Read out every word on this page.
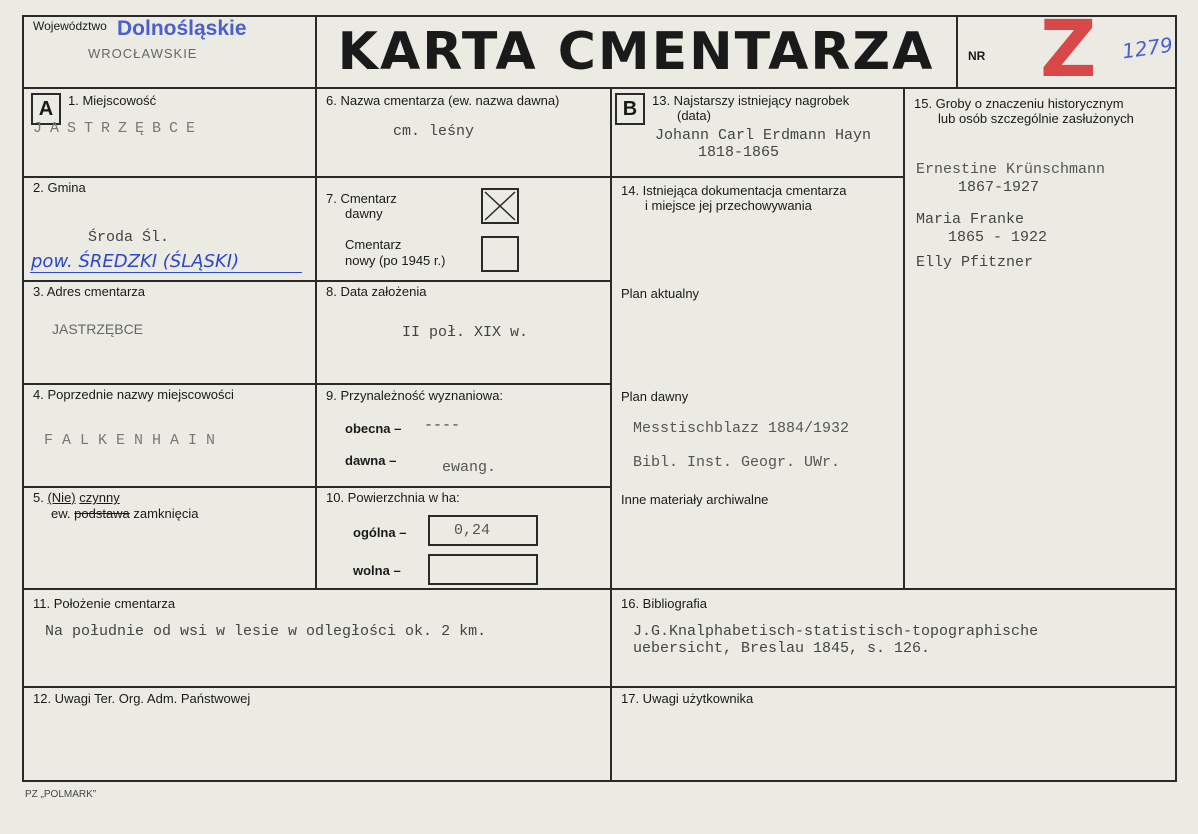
Województwo Dolnośląskie
WROCŁAWSKIE	KARTA CMENTARZA	NR Z 1279
A	1. Miejscowość
JASTRZĘBCE
2. Gmina
Środa Śl.
pow. ŚREDZKI (ŚLĄSKI)
3. Adres cmentarza
JASTRZĘBCE
4. Poprzednie nazwy miejscowości
FALKENHAIN
5. (Nie) czynny
ew. podstawa zamknięcia
6. Nazwa cmentarza (ew. nazwa dawna)
cm. leśny
7. Cmentarz
dawny
Cmentarz
nowy (po 1945 r.)
8. Data założenia
II poł. XIX w.
9. Przynależność wyznaniowa:
obecna – ----
dawna –	ewang.
10. Powierzchnia w ha:
ogólna –	0,24
wolna –
B	13. Najstarszy istniejący nagrobek
(data)
Johann Carl Erdmann Hayn
1818-1865
14. Istniejąca dokumentacja cmentarza
i miejsce jej przechowywania
Plan aktualny
Plan dawny
Messtischblazz 1884/1932
Bibl. Inst. Geogr. UWr.
Inne materiały archiwalne
15. Groby o znaczeniu historycznym
lub osób szczególnie zasłużonych
Ernestine Krünschmann
1867-1927
Maria Franke
1865 - 1922
Elly Pfitzner
11. Położenie cmentarza
Na południe od wsi w lesie w odległości ok. 2 km.
16. Bibliografia
J.G.Knalphabetisch-statistisch-topographische
uebersicht, Breslau 1845, s. 126.
12. Uwagi Ter. Org. Adm. Państwowej	17. Uwagi użytkownika
PZ „POLMARK”
